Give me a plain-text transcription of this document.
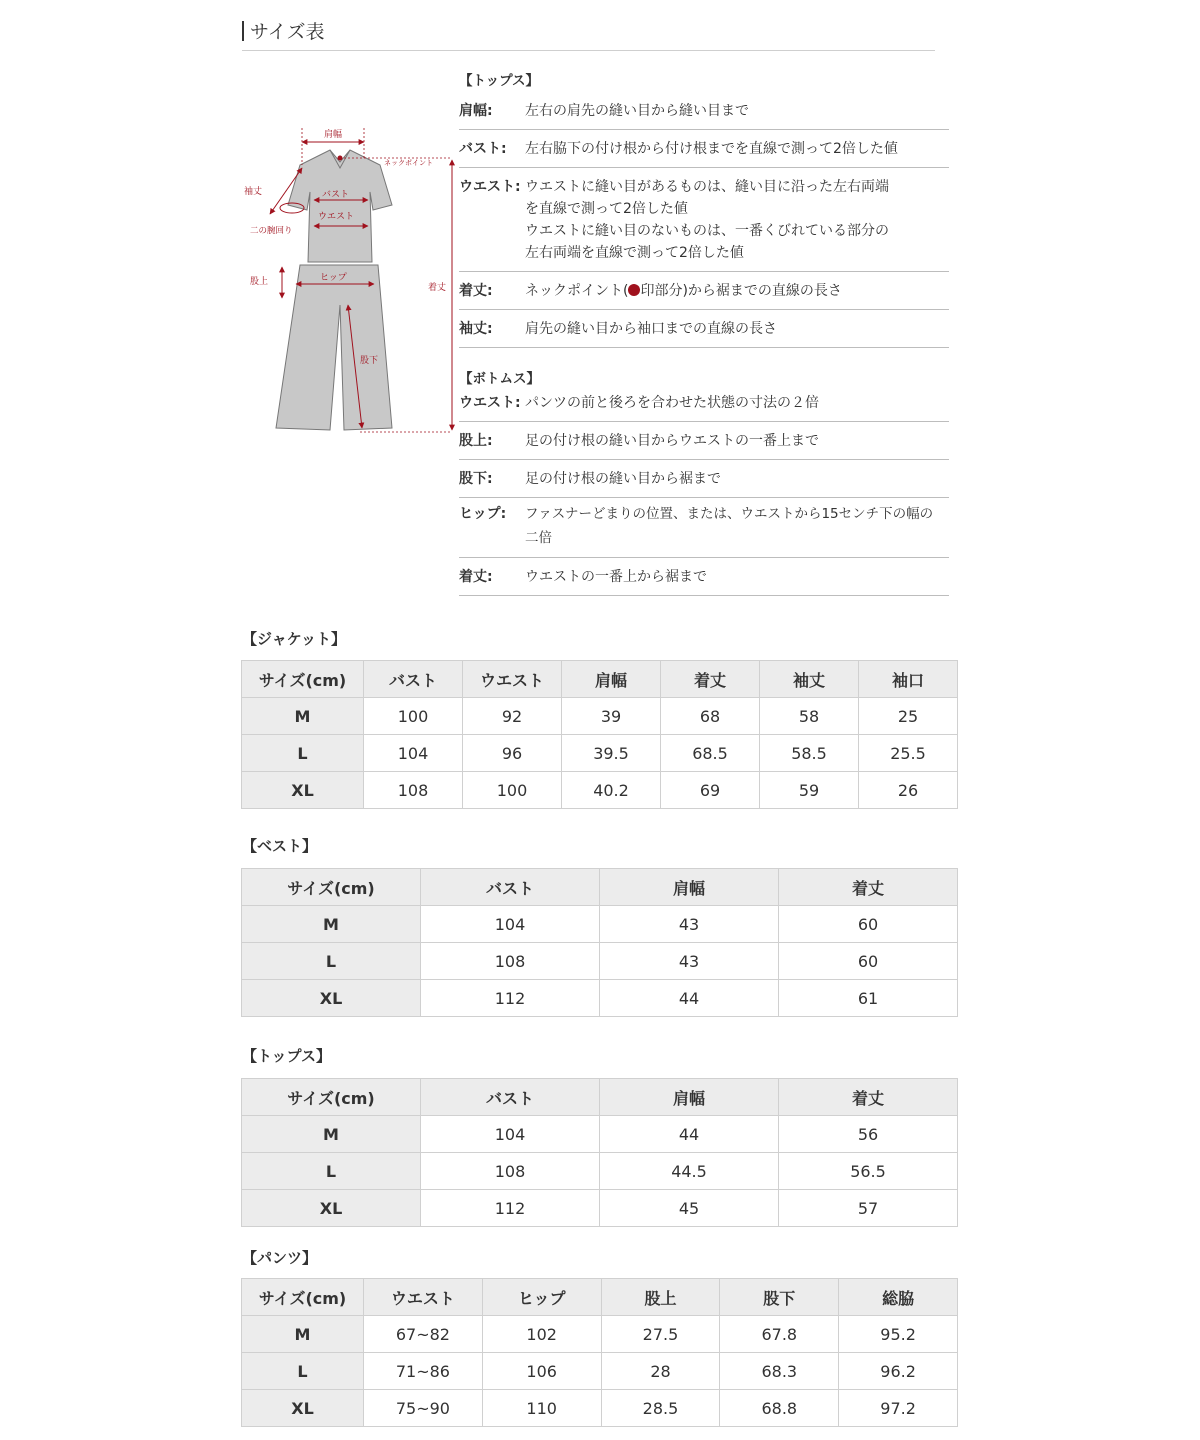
サイズ表
肩幅
ネックポイント
袖丈	バスト
ウエスト
二の腕回り
股上	ヒップ
着丈
股下
【トップス】
肩幅:	左右の肩先の縫い目から縫い目まで
バスト:	左右脇下の付け根から付け根までを直線で測って2倍した値
ウエスト: ウエストに縫い目があるものは、縫い目に沿った左右両端
を直線で測って2倍した値
ウエストに縫い目のないものは、一番くびれている部分の
左右両端を直線で測って2倍した値
着丈:	ネックポイント( 印部分)から裾までの直線の長さ
袖丈:	肩先の縫い目から袖口までの直線の長さ
【ボトムス】
ウエスト: パンツの前と後ろを合わせた状態の寸法の２倍
股上:	足の付け根の縫い目からウエストの一番上まで
股下:	足の付け根の縫い目から裾まで
ヒップ:	ファスナーどまりの位置、または、ウエストから15センチ下の幅の
二倍
着丈:	ウエストの一番上から裾まで
【ジャケット】
サイズ(cm)	バスト	ウエスト	肩幅	着丈	袖丈	袖口
M	100	92	39	68	58	25
L	104	96	39.5	68.5	58.5	25.5
XL	108	100	40.2	69	59	26
【ベスト】
サイズ(cm)	バスト	肩幅	着丈
M	104	43	60
L	108	43	60
XL	112	44	61
【トップス】
サイズ(cm)	バスト	肩幅	着丈
M	104	44	56
L	108	44.5	56.5
XL	112	45	57
【パンツ】
サイズ(cm)	ウエスト	ヒップ	股上	股下	総脇
M	67~82	102	27.5	67.8	95.2
L	71~86	106	28	68.3	96.2
XL	75~90	110	28.5	68.8	97.2
